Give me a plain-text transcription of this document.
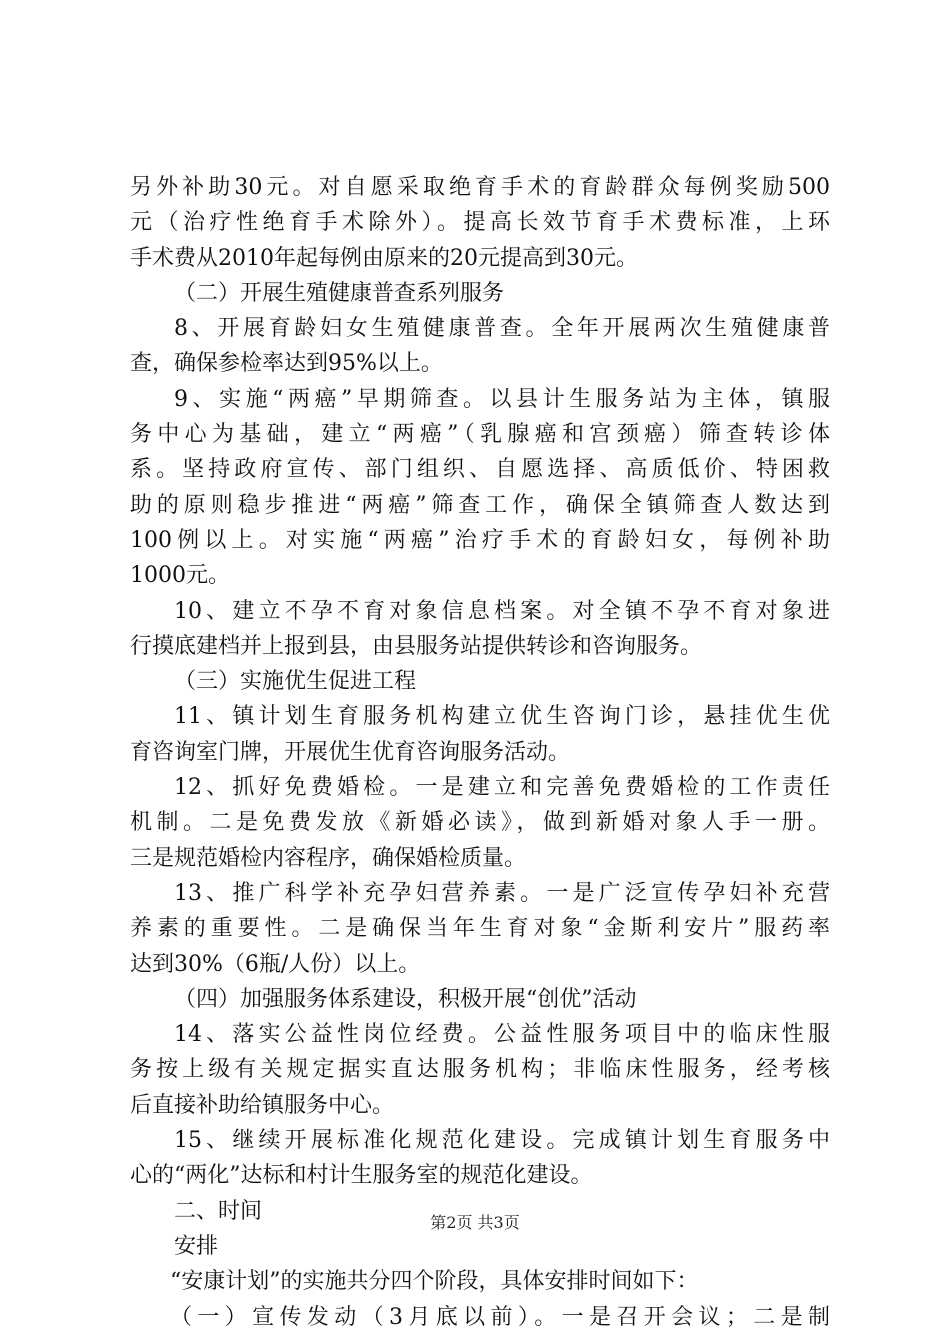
另外补助30元。对自愿采取绝育手术的育龄群众每例奖励500
元（治疗性绝育手术除外）。提高长效节育手术费标准，上环
手术费从2010年起每例由原来的20元提高到30元。
（二）开展生殖健康普查系列服务
8、开展育龄妇女生殖健康普查。全年开展两次生殖健康普
查，确保参检率达到95%以上。
9、实施“两癌”早期筛查。以县计生服务站为主体，镇服
务中心为基础，建立“两癌”（乳腺癌和宫颈癌）筛查转诊体
系。坚持政府宣传、部门组织、自愿选择、高质低价、特困救
助的原则稳步推进“两癌”筛查工作，确保全镇筛查人数达到
100例以上。对实施“两癌”治疗手术的育龄妇女，每例补助
1000元。
10、建立不孕不育对象信息档案。对全镇不孕不育对象进
行摸底建档并上报到县，由县服务站提供转诊和咨询服务。
（三）实施优生促进工程
11、镇计划生育服务机构建立优生咨询门诊，悬挂优生优
育咨询室门牌，开展优生优育咨询服务活动。
12、抓好免费婚检。一是建立和完善免费婚检的工作责任
机制。二是免费发放《新婚必读》，做到新婚对象人手一册。
三是规范婚检内容程序，确保婚检质量。
13、推广科学补充孕妇营养素。一是广泛宣传孕妇补充营
养素的重要性。二是确保当年生育对象“金斯利安片”服药率
达到30%（6瓶/人份）以上。
（四）加强服务体系建设，积极开展“创优”活动
14、落实公益性岗位经费。公益性服务项目中的临床性服
务按上级有关规定据实直达服务机构；非临床性服务，经考核
后直接补助给镇服务中心。
15、继续开展标准化规范化建设。完成镇计划生育服务中
心的“两化”达标和村计生服务室的规范化建设。
二、时间
安排
“安康计划”的实施共分四个阶段，具体安排时间如下：
（一）宣传发动（3月底以前）。一是召开会议；二是制
第2页 共3页
